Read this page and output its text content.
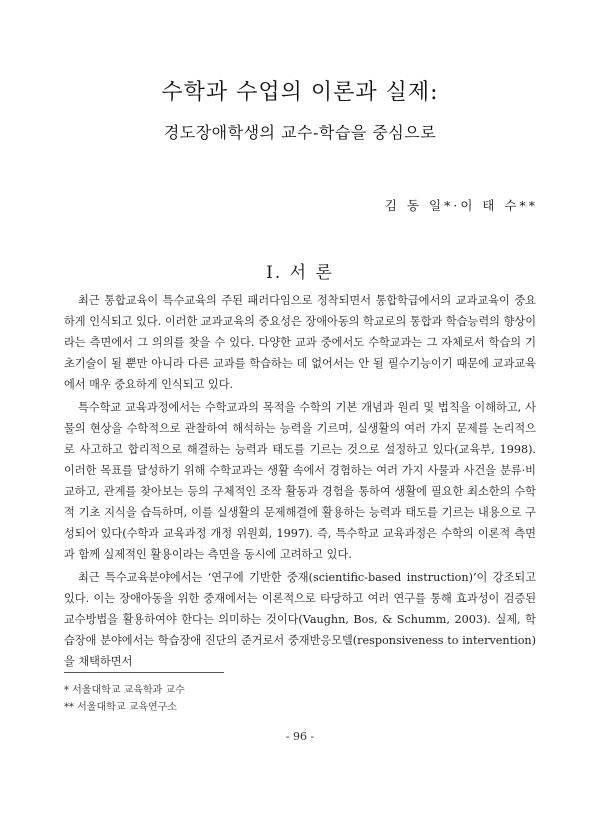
수학과 수업의 이론과 실제:
경도장애학생의 교수-학습을 중심으로
김 동 일*·이 태 수**
Ⅰ. 서 론

최근 통합교육이 특수교육의 주된 패러다임으로 정착되면서 통합학급에서의 교과교육이 중요하게 인식되고 있다. 이러한 교과교육의 중요성은 장애아동의 학교로의 통합과 학습능력의 향상이라는 측면에서 그 의의를 찾을 수 있다. 다양한 교과 중에서도 수학교과는 그 자체로서 학습의 기초기술이 될 뿐만 아니라 다른 교과를 학습하는 데 없어서는 안 될 필수기능이기 때문에 교과교육에서 매우 중요하게 인식되고 있다.

특수학교 교육과정에서는 수학교과의 목적을 수학의 기본 개념과 원리 및 법칙을 이해하고, 사물의 현상을 수학적으로 관찰하여 해석하는 능력을 기르며, 실생활의 여러 가지 문제를 논리적으로 사고하고 합리적으로 해결하는 능력과 태도를 기르는 것으로 설정하고 있다(교육부, 1998). 이러한 목표를 달성하기 위해 수학교과는 생활 속에서 경험하는 여러 가지 사물과 사건을 분류·비교하고, 관계를 찾아보는 등의 구체적인 조작 활동과 경험을 통하여 생활에 필요한 최소한의 수학적 기초 지식을 습득하며, 이를 실생활의 문제해결에 활용하는 능력과 태도를 기르는 내용으로 구성되어 있다(수학과 교육과정 개정 위원회, 1997). 즉, 특수학교 교육과정은 수학의 이론적 측면과 함께 실제적인 활용이라는 측면을 동시에 고려하고 있다.

최근 특수교육분야에서는 ‘연구에 기반한 중재(scientific-based instruction)’이 강조되고 있다. 이는 장애아동을 위한 중재에서는 이론적으로 타당하고 여러 연구를 통해 효과성이 검증된 교수방법을 활용하여야 한다는 의미하는 것이다(Vaughn, Bos, & Schumm, 2003). 실제, 학습장애 분야에서는 학습장애 진단의 준거로서 중재반응모델(responsiveness to intervention)을 채택하면서

* 서울대학교 교육학과 교수
** 서울대학교 교육연구소
- 96 -
